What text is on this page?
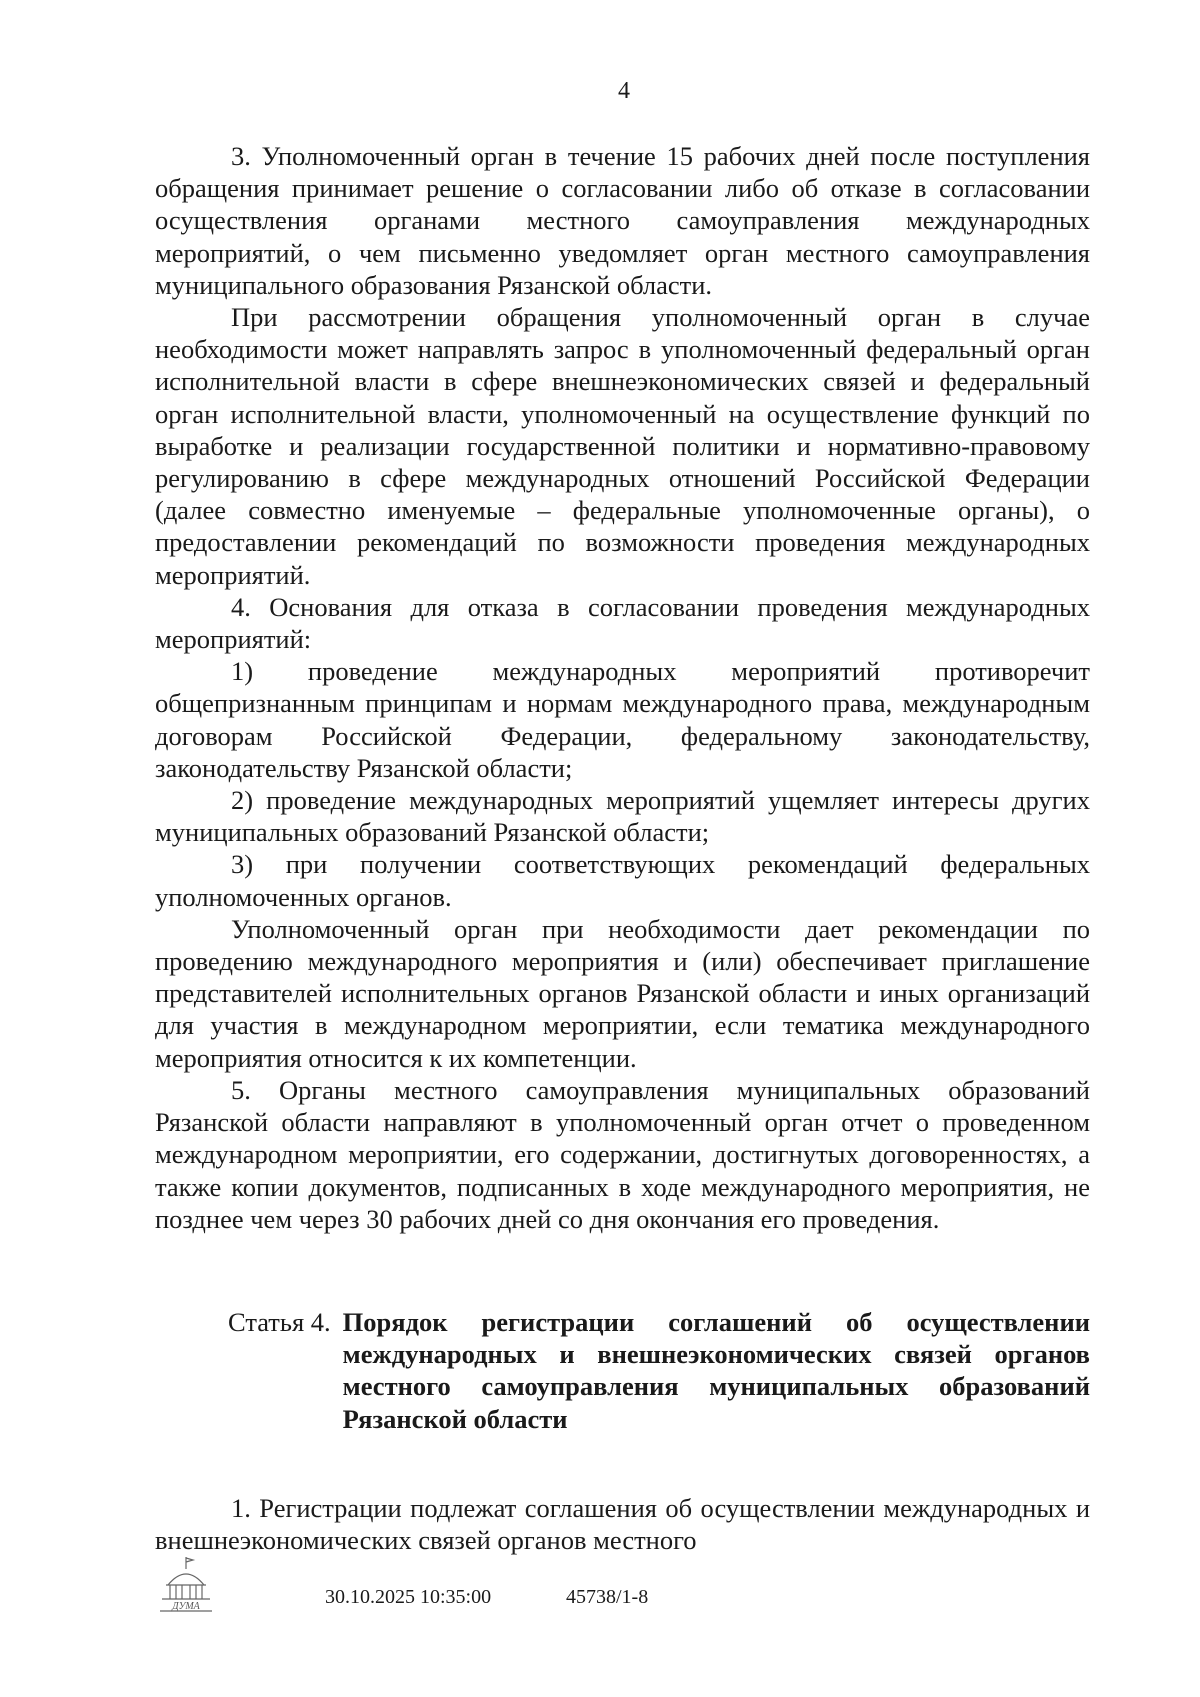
4

3. Уполномоченный орган в течение 15 рабочих дней после поступления обращения принимает решение о согласовании либо об отказе в согласовании осуществления органами местного самоуправления международных мероприятий, о чем письменно уведомляет орган местного самоуправления муниципального образования Рязанской области.

При рассмотрении обращения уполномоченный орган в случае необходимости может направлять запрос в уполномоченный федеральный орган исполнительной власти в сфере внешнеэкономических связей и федеральный орган исполнительной власти, уполномоченный на осуществление функций по выработке и реализации государственной политики и нормативно-правовому регулированию в сфере международных отношений Российской Федерации (далее совместно именуемые – федеральные уполномоченные органы), о предоставлении рекомендаций по возможности проведения международных мероприятий.

4. Основания для отказа в согласовании проведения международных мероприятий:

1) проведение международных мероприятий противоречит общепризнанным принципам и нормам международного права, международным договорам Российской Федерации, федеральному законодательству, законодательству Рязанской области;

2) проведение международных мероприятий ущемляет интересы других муниципальных образований Рязанской области;

3) при получении соответствующих рекомендаций федеральных уполномоченных органов.

Уполномоченный орган при необходимости дает рекомендации по проведению международного мероприятия и (или) обеспечивает приглашение представителей исполнительных органов Рязанской области и иных организаций для участия в международном мероприятии, если тематика международного мероприятия относится к их компетенции.

5. Органы местного самоуправления муниципальных образований Рязанской области направляют в уполномоченный орган отчет о проведенном международном мероприятии, его содержании, достигнутых договоренностях, а также копии документов, подписанных в ходе международного мероприятия, не позднее чем через 30 рабочих дней со дня окончания его проведения.

Статья 4. Порядок регистрации соглашений об осуществлении международных и внешнеэкономических связей органов местного самоуправления муниципальных образований Рязанской области

1. Регистрации подлежат соглашения об осуществлении международных и внешнеэкономических связей органов местного

ДУМА	30.10.2025 10:35:00	45738/1-8
